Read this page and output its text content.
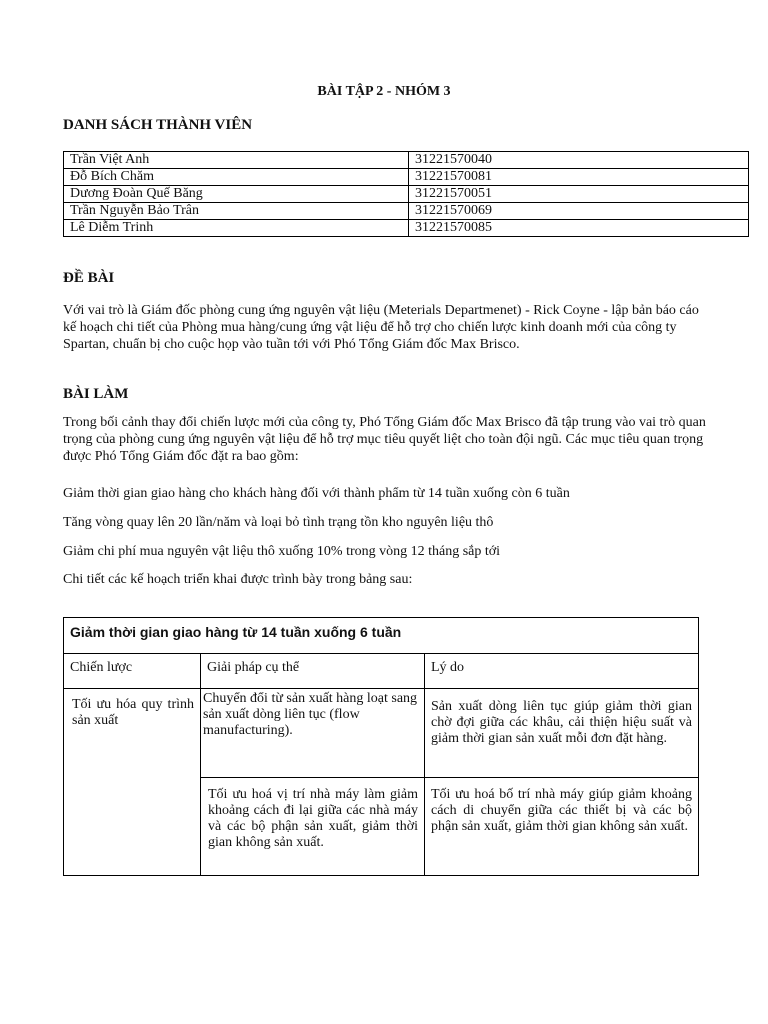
BÀI TẬP 2 - NHÓM 3
DANH SÁCH THÀNH VIÊN
Trần Việt Anh	31221570040
Đỗ Bích Chăm	31221570081
Dương Đoàn Quế Băng	31221570051
Trần Nguyễn Bảo Trân	31221570069
Lê Diễm Trinh	31221570085
ĐỀ BÀI
Với vai trò là Giám đốc phòng cung ứng nguyên vật liệu (Meterials Departmenet) - Rick Coyne - lập bản báo cáo kế hoạch chi tiết của Phòng mua hàng/cung ứng vật liệu để hỗ trợ cho chiến lược kinh doanh mới của công ty Spartan, chuẩn bị cho cuộc họp vào tuần tới với Phó Tổng Giám đốc Max Brisco.
BÀI LÀM
Trong bối cảnh thay đổi chiến lược mới của công ty, Phó Tổng Giám đốc Max Brisco đã tập trung vào vai trò quan trọng của phòng cung ứng nguyên vật liệu để hỗ trợ mục tiêu quyết liệt cho toàn đội ngũ. Các mục tiêu quan trọng được Phó Tổng Giám đốc đặt ra bao gồm:
Giảm thời gian giao hàng cho khách hàng đối với thành phẩm từ 14 tuần xuống còn 6 tuần
Tăng vòng quay lên 20 lần/năm và loại bỏ tình trạng tồn kho nguyên liệu thô
Giảm chi phí mua nguyên vật liệu thô xuống 10% trong vòng 12 tháng sắp tới
Chi tiết các kế hoạch triển khai được trình bày trong bảng sau:
Giảm thời gian giao hàng từ 14 tuần xuống 6 tuần		
Chiến lược	Giải pháp cụ thể	Lý do
Tối ưu hóa quy trình sản xuất	Chuyển đổi từ sản xuất hàng loạt sang sản xuất dòng liên tục (flow manufacturing).	Sản xuất dòng liên tục giúp giảm thời gian chờ đợi giữa các khâu, cải thiện hiệu suất và giảm thời gian sản xuất mỗi đơn đặt hàng.
	Tối ưu hoá vị trí nhà máy làm giảm khoảng cách đi lại giữa các nhà máy và các bộ phận sản xuất, giảm thời gian không sản xuất.	Tối ưu hoá bố trí nhà máy giúp giảm khoảng cách di chuyển giữa các thiết bị và các bộ phận sản xuất, giảm thời gian không sản xuất.
